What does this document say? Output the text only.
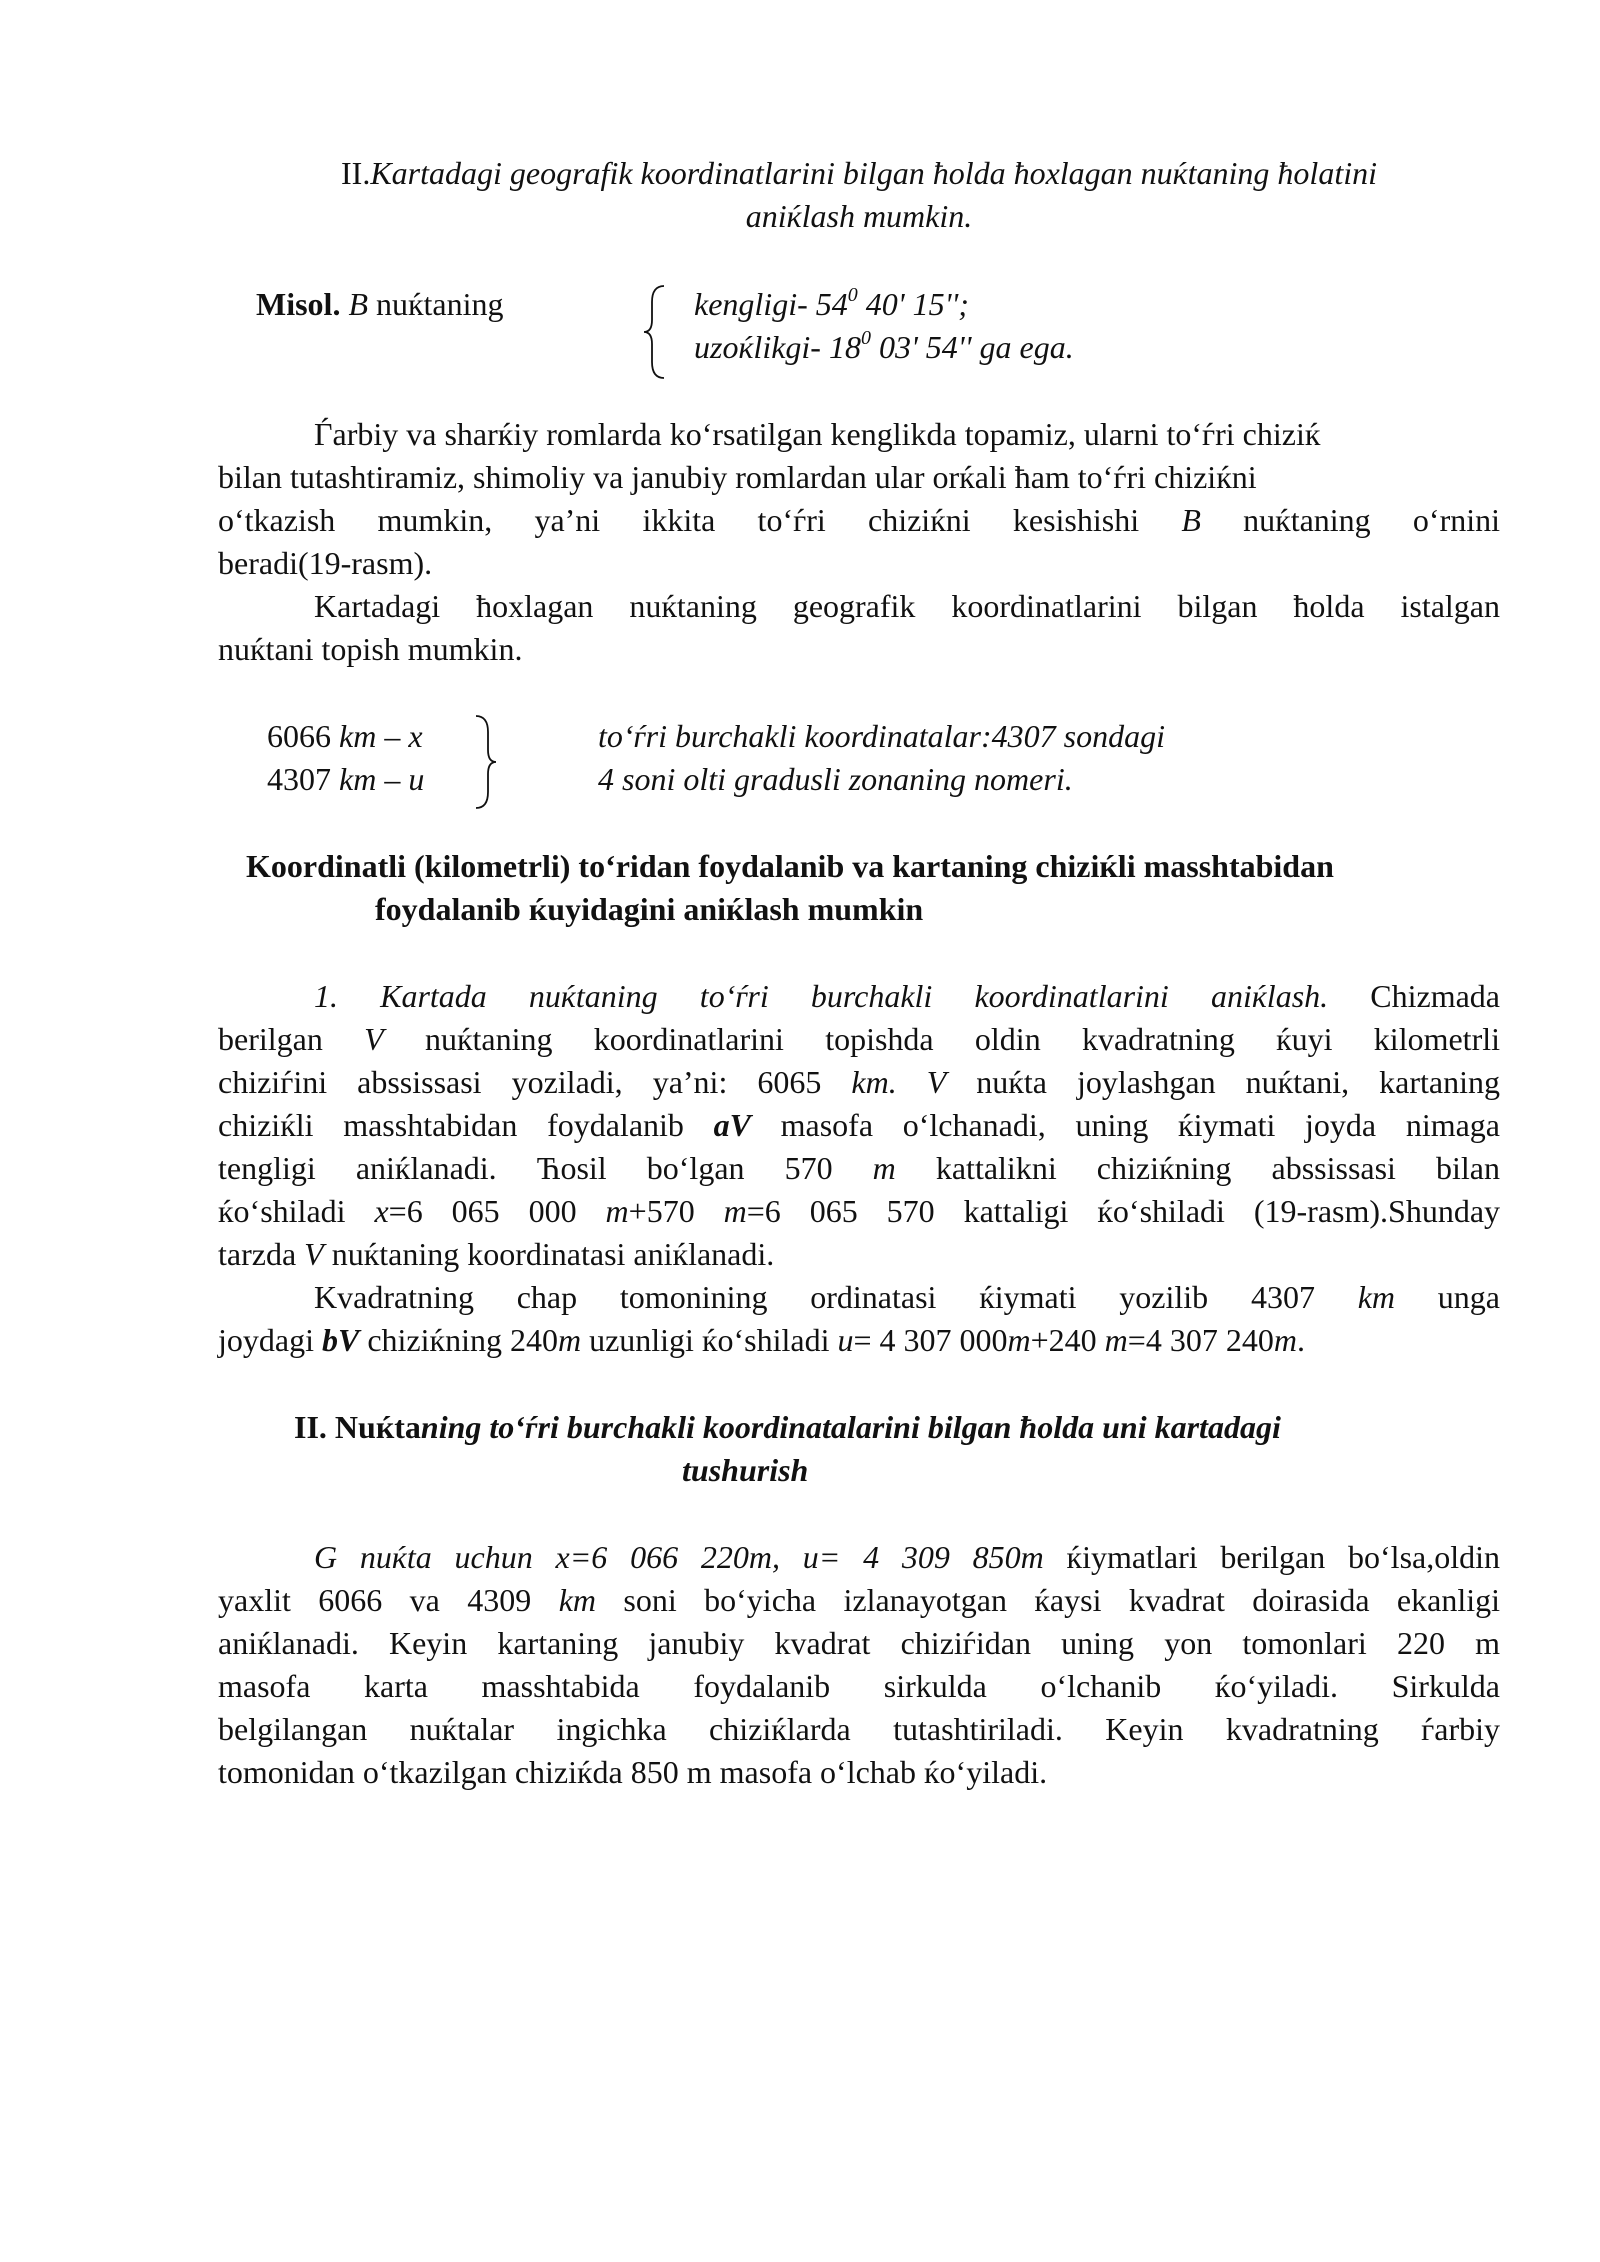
II.Kartadagi geografik koordinatlarini bilgan ħolda ħoxlagan nuќtaning ħolatini
aniќlash mumkin.
Misol. B nuќtaning	kengligi- $54^0$ 40' 15'';
uzoќlikgi- $18^0$ 03' 54'' ga ega.
Ѓarbiy va sharќiy romlarda ko‘rsatilgan kenglikda topamiz, ularni to‘ѓri chiziќ
bilan tutashtiramiz, shimoliy va janubiy romlardan ular orќali ħam to‘ѓri chiziќni
o‘tkazish mumkin, ya’ni ikkita to‘ѓri chiziќni kesishishi B nuќtaning o‘rnini
beradi(19-rasm).
Kartadagi ħoxlagan nuќtaning geografik koordinatlarini bilgan ħolda istalgan
nuќtani topish mumkin.
6066 km – x
4307 km – u
to‘ѓri burchakli koordinatalar:4307 sondagi
4 soni olti gradusli zonaning nomeri.
Koordinatli (kilometrli) to‘ridan foydalanib va kartaning chiziќli masshtabidan
foydalanib ќuyidagini aniќlash mumkin
1. Kartada nuќtaning to‘ѓri burchakli koordinatlarini aniќlash. Chizmada
berilgan V nuќtaning koordinatlarini topishda oldin kvadratning ќuyi kilometrli
chiziѓini abssissasi yoziladi, ya’ni: 6065 km. V nuќta joylashgan nuќtani, kartaning
chiziќli masshtabidan foydalanib aV masofa o‘lchanadi, uning ќiymati joyda nimaga
tengligi aniќlanadi. Ћosil bo‘lgan 570 m kattalikni chiziќning abssissasi bilan
ќo‘shiladi x=6 065 000 m+570 m=6 065 570 kattaligi ќo‘shiladi (19-rasm).Shunday
tarzda V nuќtaning koordinatasi aniќlanadi.
Kvadratning chap tomonining ordinatasi ќiymati yozilib 4307 km unga
joydagi bV chiziќning 240m uzunligi ќo‘shiladi u= 4 307 000m+240 m=4 307 240m.
II. Nuќtaning to‘ѓri burchakli koordinatalarini bilgan ħolda uni kartadagi
tushurish
G nuќta uchun x=6 066 220m, u= 4 309 850m ќiymatlari berilgan bo‘lsa,oldin
yaxlit 6066 va 4309 km soni bo‘yicha izlanayotgan ќaysi kvadrat doirasida ekanligi
aniќlanadi. Keyin kartaning janubiy kvadrat chiziѓidan uning yon tomonlari 220 m
masofa karta masshtabida foydalanib sirkulda o‘lchanib ќo‘yiladi. Sirkulda
belgilangan nuќtalar ingichka chiziќlarda tutashtiriladi. Keyin kvadratning ѓarbiy
tomonidan o‘tkazilgan chiziќda 850 m masofa o‘lchab ќo‘yiladi.
